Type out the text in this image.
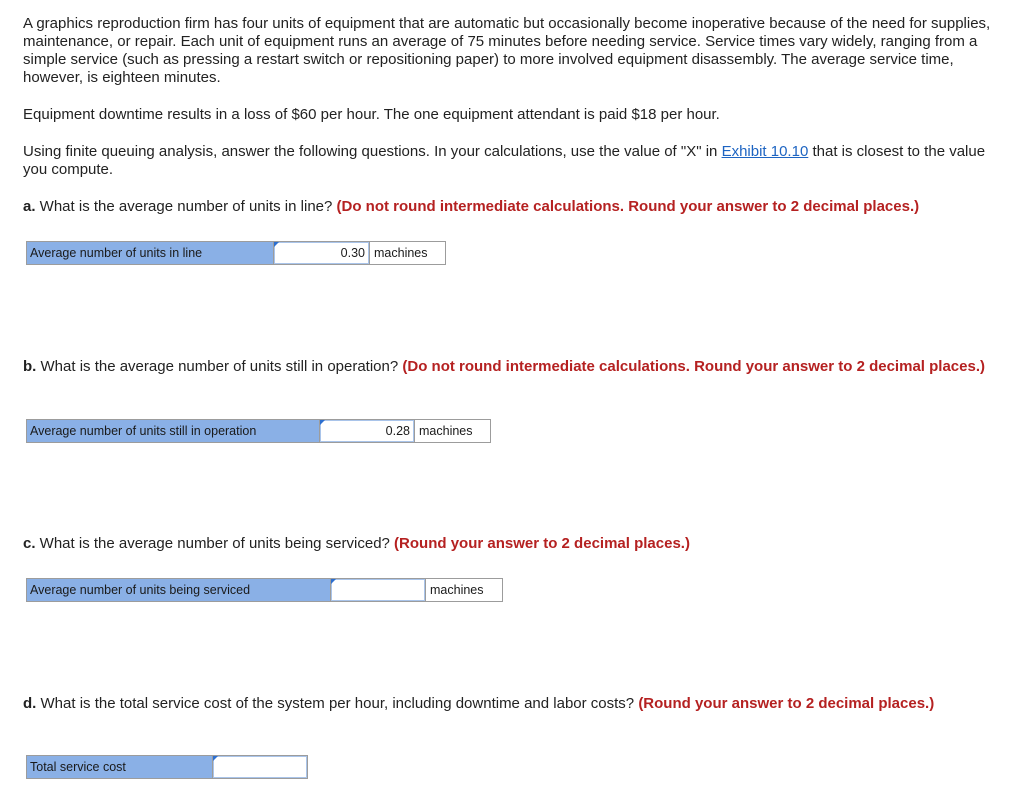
A graphics reproduction firm has four units of equipment that are automatic but occasionally become inoperative because of the need for supplies, maintenance, or repair. Each unit of equipment runs an average of 75 minutes before needing service. Service times vary widely, ranging from a simple service (such as pressing a restart switch or repositioning paper) to more involved equipment disassembly. The average service time, however, is eighteen minutes.

Equipment downtime results in a loss of $60 per hour. The one equipment attendant is paid $18 per hour.

Using finite queuing analysis, answer the following questions. In your calculations, use the value of "X" in Exhibit 10.10 that is closest to the value you compute.

a. What is the average number of units in line? (Do not round intermediate calculations. Round your answer to 2 decimal places.)

Average number of units in line
0.30	machines

b. What is the average number of units still in operation? (Do not round intermediate calculations. Round your answer to 2 decimal places.)

Average number of units still in operation
0.28	machines

c. What is the average number of units being serviced? (Round your answer to 2 decimal places.)

Average number of units being serviced	machines

d. What is the total service cost of the system per hour, including downtime and labor costs? (Round your answer to 2 decimal places.)

Total service cost
